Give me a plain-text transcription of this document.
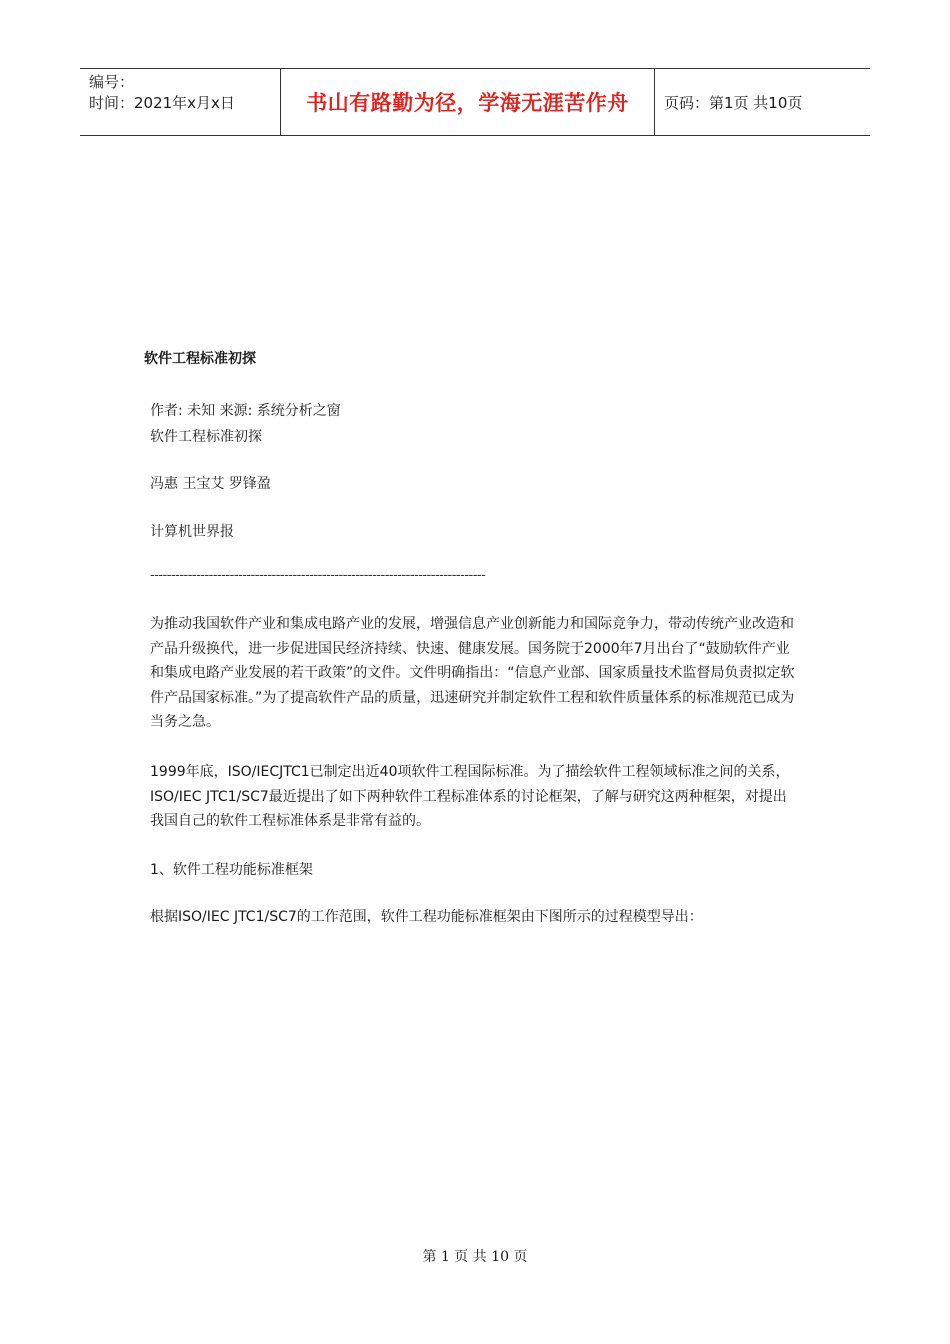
编号：
时间：2021年x月x日	书山有路勤为径，学海无涯苦作舟 页码：第1页 共10页
软件工程标准初探
作者: 未知 来源: 系统分析之窗
软件工程标准初探
冯惠 王宝艾 罗锋盈
计算机世界报
--------------------------------------------------------------------------------
为推动我国软件产业和集成电路产业的发展，增强信息产业创新能力和国际竞争力，带动传统产业改造和产品升级换代，进一步促进国民经济持续、快速、健康发展。国务院于2000年7月出台了“鼓励软件产业和集成电路产业发展的若干政策”的文件。文件明确指出：“信息产业部、国家质量技术监督局负责拟定软件产品国家标准。”为了提高软件产品的质量，迅速研究并制定软件工程和软件质量体系的标准规范已成为当务之急。
1999年底，ISO/IECJTC1已制定出近40项软件工程国际标准。为了描绘软件工程领域标准之间的关系，ISO/IEC JTC1/SC7最近提出了如下两种软件工程标准体系的讨论框架，了解与研究这两种框架，对提出我国自己的软件工程标准体系是非常有益的。
1、软件工程功能标准框架
根据ISO/IEC JTC1/SC7的工作范围，软件工程功能标准框架由下图所示的过程模型导出：
第 1 页 共 10 页
